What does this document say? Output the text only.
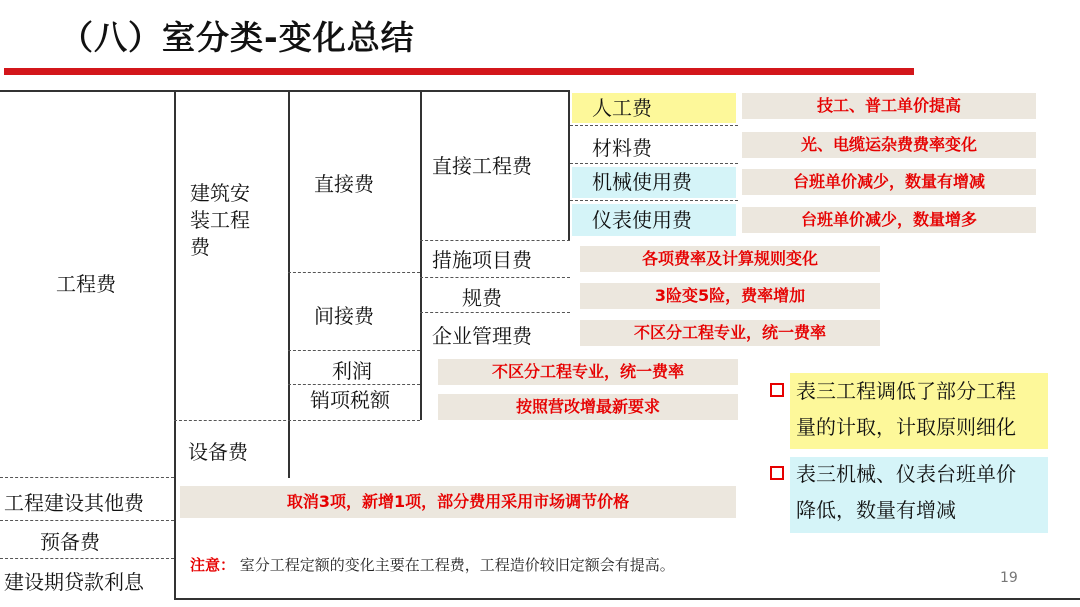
（八）室分类-变化总结
工程费
建筑安
装工程
费
设备费
直接费
间接费
利润
销项税额
直接工程费
措施项目费
规费
企业管理费
人工费
材料费
机械使用费
仪表使用费
工程建设其他费
预备费
建设期贷款利息
技工、普工单价提高
光、电缆运杂费费率变化
台班单价减少，数量有增减
台班单价减少，数量增多
各项费率及计算规则变化
3险变5险，费率增加
不区分工程专业，统一费率
不区分工程专业，统一费率
按照营改增最新要求
取消3项，新增1项，部分费用采用市场调节价格
表三工程调低了部分工程
量的计取，计取原则细化
表三机械、仪表台班单价
降低，数量有增减
注意： 室分工程定额的变化主要在工程费，工程造价较旧定额会有提高。
19
